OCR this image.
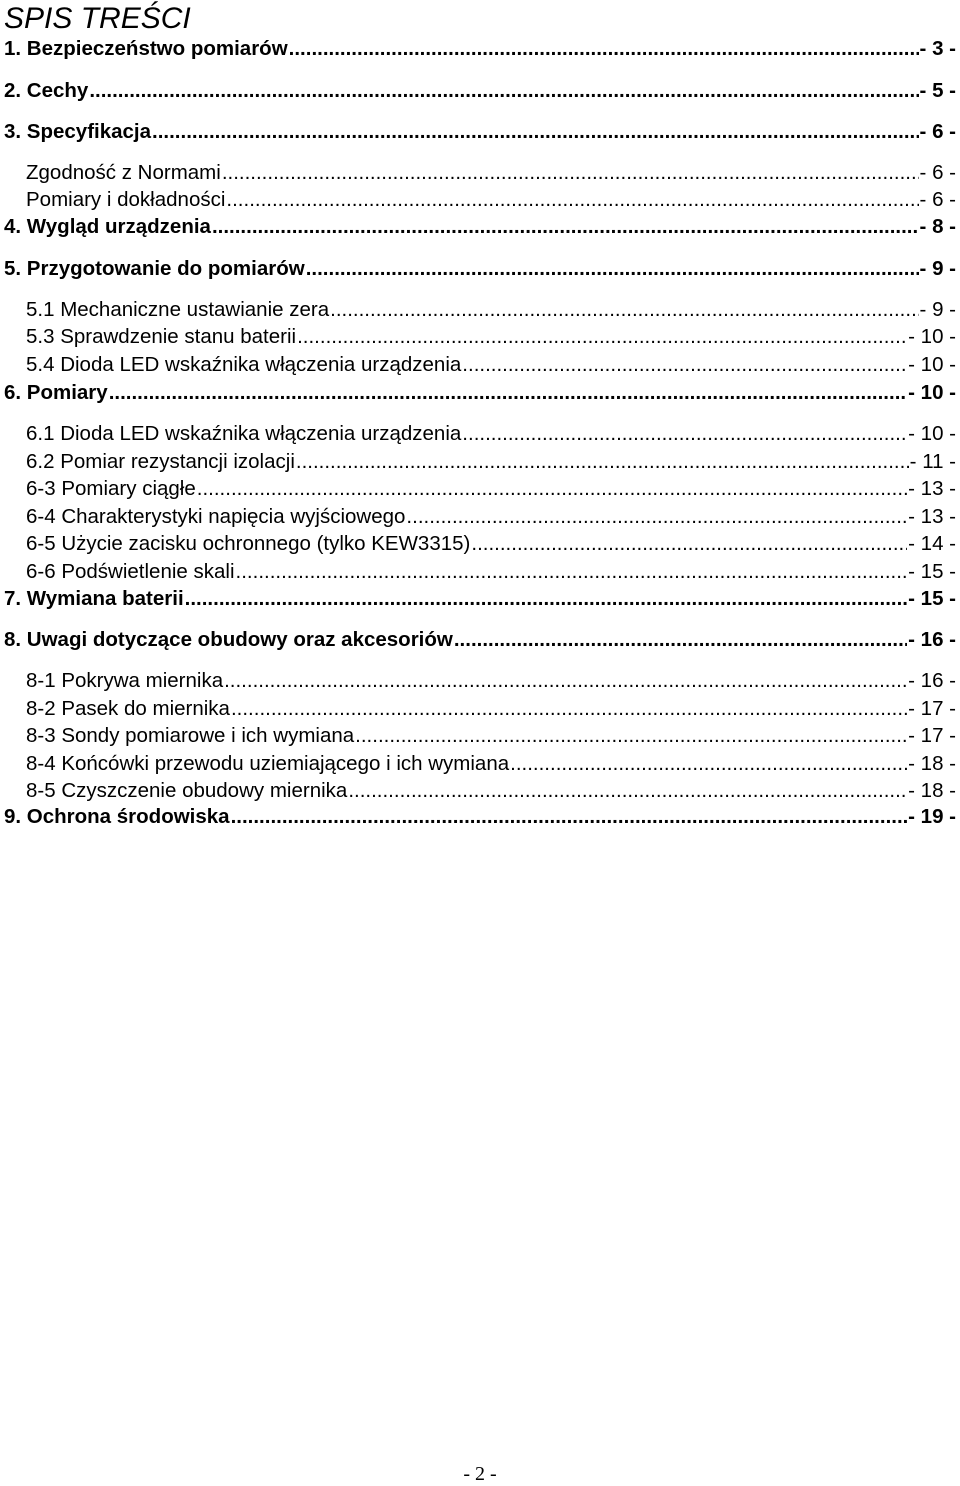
SPIS TREŚCI
1. Bezpieczeństwo pomiarów .....	- 3 -
2. Cechy .....	- 5 -
3. Specyfikacja .....	- 6 -
Zgodność z Normami .....	- 6 -
Pomiary i dokładności .....	- 6 -
4. Wygląd urządzenia .....	- 8 -
5. Przygotowanie do pomiarów .....	- 9 -
5.1 Mechaniczne ustawianie zera .....	- 9 -
5.3 Sprawdzenie stanu baterii .....	- 10 -
5.4 Dioda LED wskaźnika włączenia urządzenia .....	- 10 -
6. Pomiary .....	- 10 -
6.1 Dioda LED wskaźnika włączenia urządzenia .....	- 10 -
6.2 Pomiar rezystancji izolacji .....	- 11 -
6-3 Pomiary ciągłe .....	- 13 -
6-4 Charakterystyki napięcia wyjściowego .....	- 13 -
6-5 Użycie zacisku ochronnego (tylko KEW3315) .....	- 14 -
6-6 Podświetlenie skali .....	- 15 -
7. Wymiana baterii .....	- 15 -
8. Uwagi dotyczące obudowy oraz akcesoriów .....	- 16 -
8-1 Pokrywa miernika .....	- 16 -
8-2 Pasek do miernika .....	- 17 -
8-3 Sondy pomiarowe i ich wymiana .....	- 17 -
8-4 Końcówki przewodu uziemiającego i ich wymiana .....	- 18 -
8-5 Czyszczenie obudowy miernika .....	- 18 -
9. Ochrona środowiska .....	- 19 -
- 2 -
